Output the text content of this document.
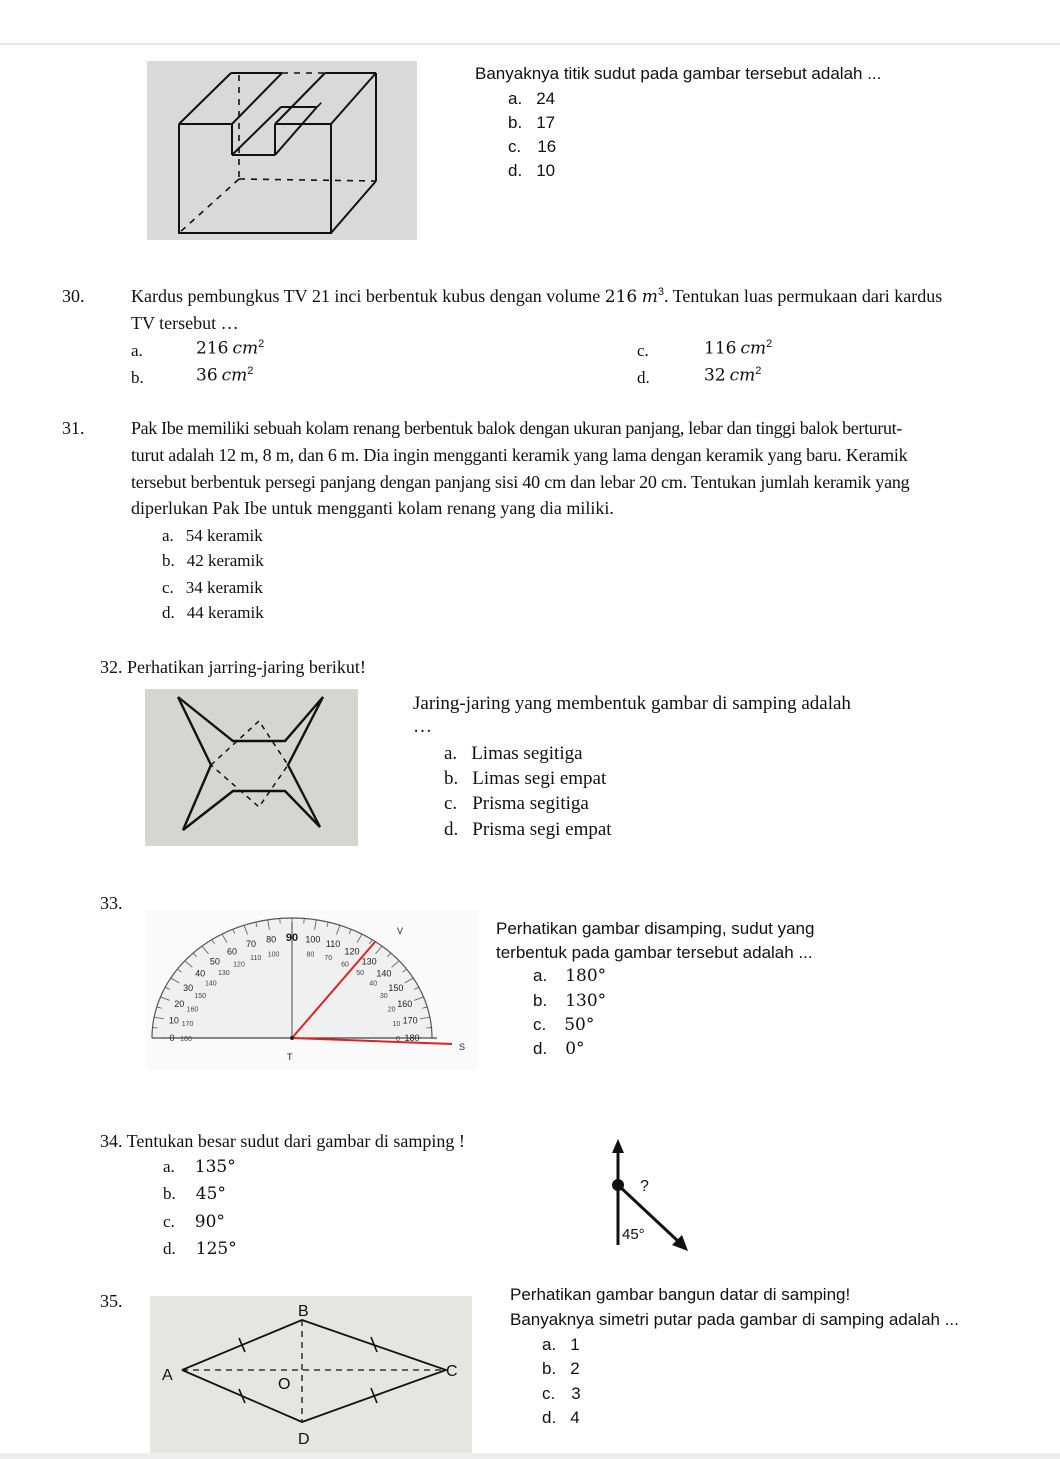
Banyaknya titik sudut pada gambar tersebut adalah ...
a. 24
b. 17
c. 16
d. 10
30.	Kardus pembungkus TV 21 inci berbentuk kubus dengan volume 216 $m^3$. Tentukan luas permukaan dari kardus
TV tersebut …
a.	216 $cm^2$
b.	36 $cm^2$
c.	116 $cm^2$
d.	32 $cm^2$
31.	Pak Ibe memiliki sebuah kolam renang berbentuk balok dengan ukuran panjang, lebar dan tinggi balok berturut-
turut adalah 12 m, 8 m, dan 6 m. Dia ingin mengganti keramik yang lama dengan keramik yang baru. Keramik
tersebut berbentuk persegi panjang dengan panjang sisi 40 cm dan lebar 20 cm. Tentukan jumlah keramik yang
diperlukan Pak Ibe untuk mengganti kolam renang yang dia miliki.
a. 54 keramik
b. 42 keramik
c. 34 keramik
d. 44 keramik
32. Perhatikan jarring-jaring berikut!
Jaring-jaring yang membentuk gambar di samping adalah
…
a. Limas segitiga
b. Limas segi empat
c. Prisma segitiga
d. Prisma segi empat
33.
0
10
20
30
40
50
60
70 80 90 100 110
120
130
140
150
160
170
180
180
170
160
150
140
130
120
110
100	80
70
60
50
40
30
20
10
0
V
T
S
Perhatikan gambar disamping, sudut yang
terbentuk pada gambar tersebut adalah ...
a. 180°
b. 130°
c. 50°
d. 0°
34. Tentukan besar sudut dari gambar di samping !
a. 135°
b. 45°
c. 90°
d. 125°
?
45°
35.
B
A	C
O
D
Perhatikan gambar bangun datar di samping!
Banyaknya simetri putar pada gambar di samping adalah ...
a. 1
b. 2
c. 3
d. 4
